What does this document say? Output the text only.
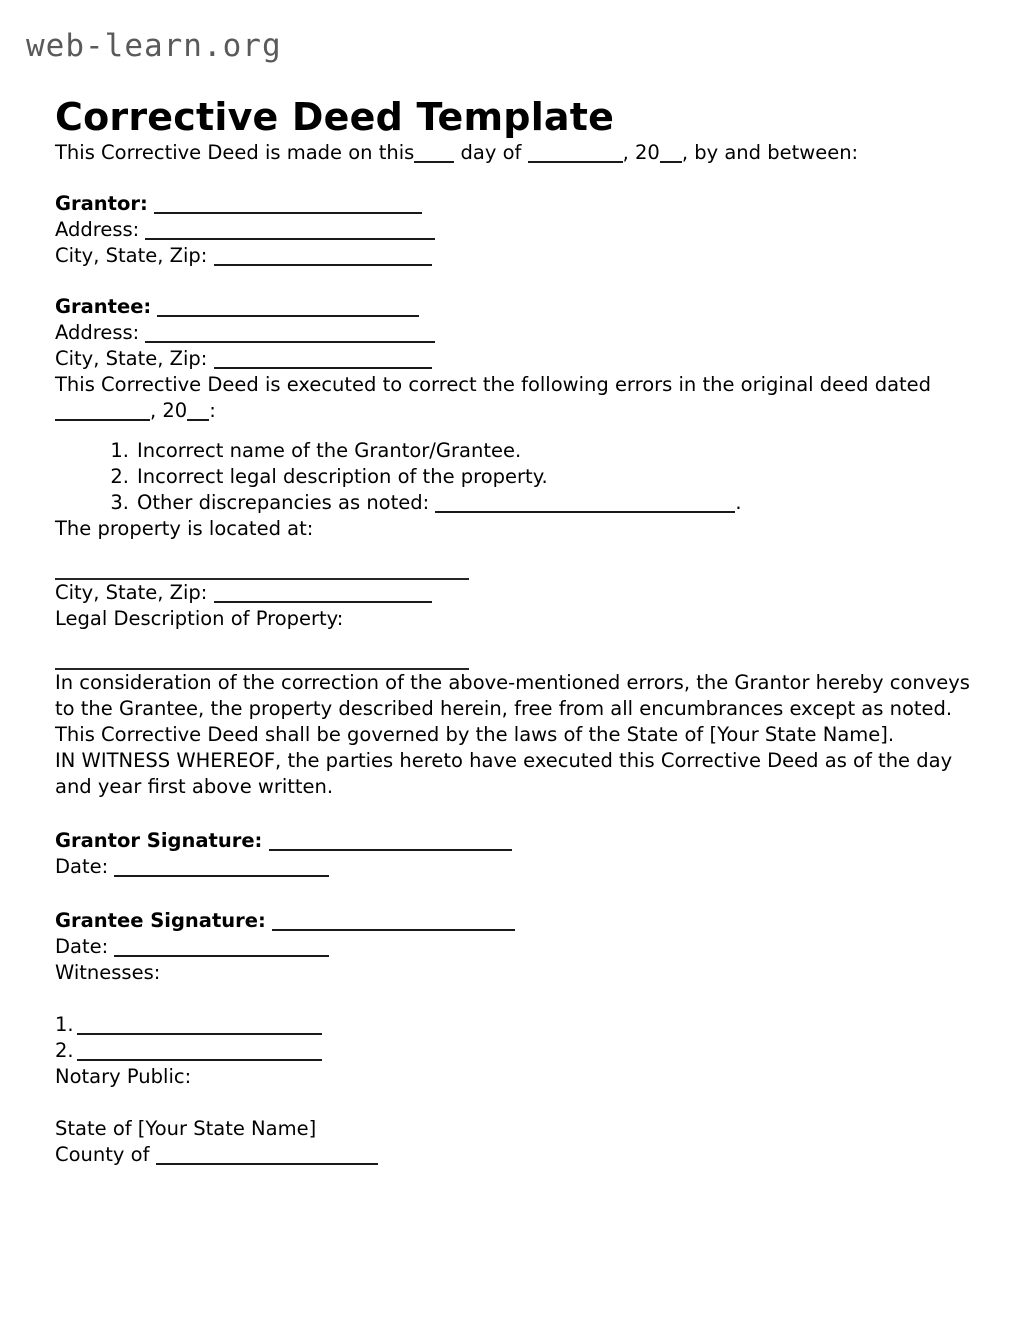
web-learn.org
Corrective Deed Template

This Corrective Deed is made on this day of	, 20 , by and between:

Grantor:
Address:
City, State, Zip:
Grantee:
Address:
City, State, Zip:

This Corrective Deed is executed to correct the following errors in the original deed dated , 20 :

1. Incorrect name of the Grantor/Grantee.
2. Incorrect legal description of the property.
3. Other discrepancies as noted:	.

The property is located at:

City, State, Zip:

Legal Description of Property:

In consideration of the correction of the above-mentioned errors, the Grantor hereby conveys to the Grantee, the property described herein, free from all encumbrances except as noted.

This Corrective Deed shall be governed by the laws of the State of [Your State Name].

IN WITNESS WHEREOF, the parties hereto have executed this Corrective Deed as of the day and year first above written.

Grantor Signature:
Date:
Grantee Signature:
Date:

Witnesses:

1.
2.

Notary Public:

State of [Your State Name]
County of
